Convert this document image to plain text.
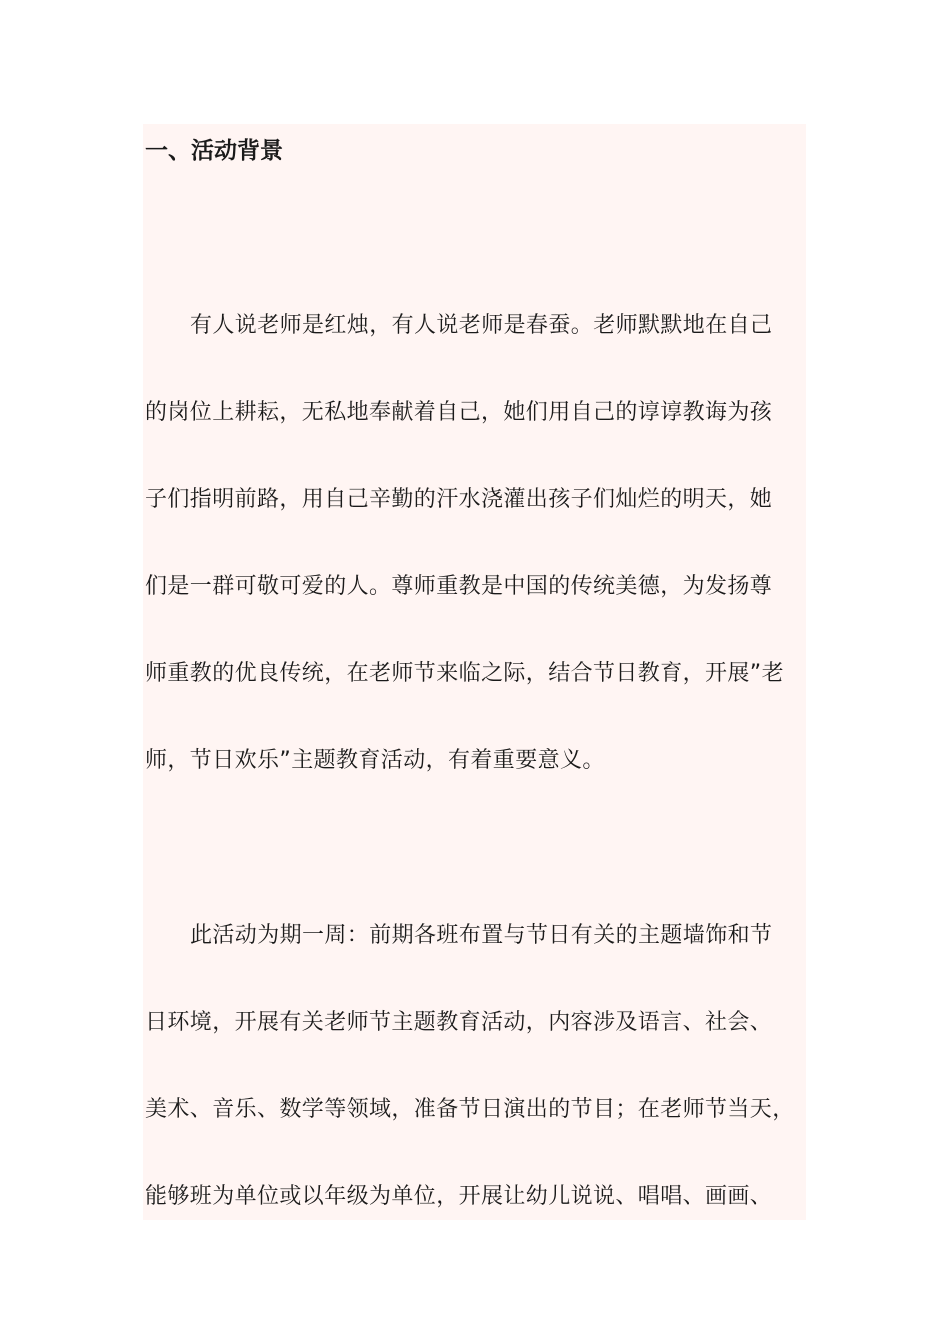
一、活动背景

有人说老师是红烛，有人说老师是春蚕。老师默默地在自己

的岗位上耕耘，无私地奉献着自己，她们用自己的谆谆教诲为孩

子们指明前路，用自己辛勤的汗水浇灌出孩子们灿烂的明天，她

们是一群可敬可爱的人。尊师重教是中国的传统美德，为发扬尊

师重教的优良传统，在老师节来临之际，结合节日教育，开展”老

师，节日欢乐”主题教育活动，有着重要意义。

此活动为期一周：前期各班布置与节日有关的主题墙饰和节

日环境，开展有关老师节主题教育活动，内容涉及语言、社会、

美术、音乐、数学等领域，准备节日演出的节目；在老师节当天，

能够班为单位或以年级为单位，开展让幼儿说说、唱唱、画画、
